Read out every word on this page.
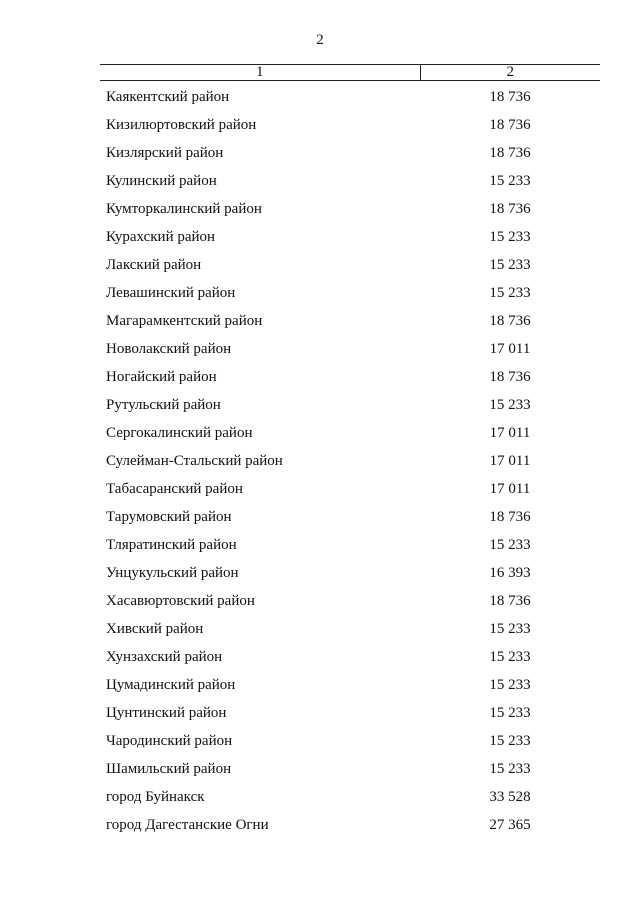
2
1	2
Каякентский район	18 736
Кизилюртовский район	18 736
Кизлярский район	18 736
Кулинский район	15 233
Кумторкалинский район	18 736
Курахский район	15 233
Лакский район	15 233
Левашинский район	15 233
Магарамкентский район	18 736
Новолакский район	17 011
Ногайский район	18 736
Рутульский район	15 233
Сергокалинский район	17 011
Сулейман-Стальский район	17 011
Табасаранский район	17 011
Тарумовский район	18 736
Тляратинский район	15 233
Унцукульский район	16 393
Хасавюртовский район	18 736
Хивский район	15 233
Хунзахский район	15 233
Цумадинский район	15 233
Цунтинский район	15 233
Чародинский район	15 233
Шамильский район	15 233
город Буйнакск	33 528
город Дагестанские Огни	27 365
